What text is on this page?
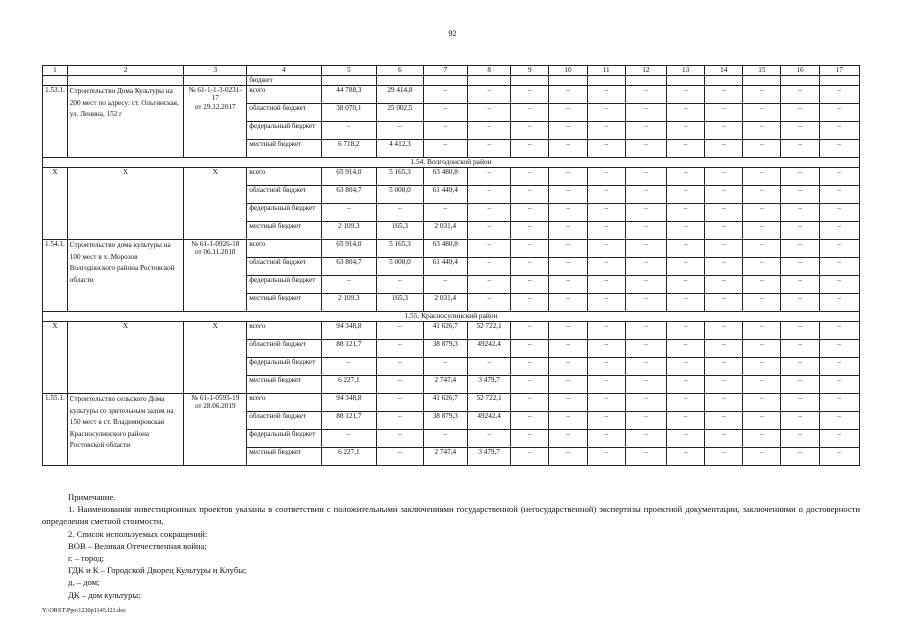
92
1	2	3	4	5	6	7	8	9	10	11	12	13	14	15	16	17
			бюджет													
1.53.1.	Строительство Дома Культуры на 200 мест по адресу: ст. Ольгинская, ул. Ленина, 152 г	№ 61-1-1-3-0231-17
от 29.12.2017	всего	44 788,3	29 414,8	–	–	–	–	–	–	–	–	–	–	–
			областной бюджет	38 070,1	25 002,5	–	–	–	–	–	–	–	–	–	–	–
			федеральный бюджет	–	–	–	–	–	–	–	–	–	–	–	–	–
			местный бюджет	6 718,2	4 412,3	–	–	–	–	–	–	–	–	–	–	–
1.54. Волгодонской район																
Х	Х	Х	всего	65 914,0	5 165,3	63 480,8	–	–	–	–	–	–	–	–	–	–
			областной бюджет	63 804,7	5 000,0	61 449,4	–	–	–	–	–	–	–	–	–	–
			федеральный бюджет	–	–	–	–	–	–	–	–	–	–	–	–	–
			местный бюджет	2 109,3	165,3	2 031,4	–	–	–	–	–	–	–	–	–	–
1.54.1.	Строительство дома культуры на 100 мест в х. Морозов Волгодонского района Ростовской области	№ 61-1-0926-18
от 06.11.2018	всего	65 914,0	5 165,3	63 480,8	–	–	–	–	–	–	–	–	–	–
			областной бюджет	63 804,7	5 000,0	61 449,4	–	–	–	–	–	–	–	–	–	–
			федеральный бюджет	–	–	–	–	–	–	–	–	–	–	–	–	–
			местный бюджет	2 109,3	165,3	2 031,4	–	–	–	–	–	–	–	–	–	–
1.55. Красносулинский район																
Х	Х	Х	всего	94 348,8	–	41 626,7	52 722,1	–	–	–	–	–	–	–	–	–
			областной бюджет	88 121,7	–	38 879,3	49242,4	–	–	–	–	–	–	–	–	–
			федеральный бюджет	–	–	–	–	–	–	–	–	–	–	–	–	–
			местный бюджет	6 227,1	–	2 747,4	3 479,7	–	–	–	–	–	–	–	–	–
1.55.1.	Строительство сельского Дома культуры со зрительным залом на 150 мест в ст. Владимировская Красносулинского района Ростовской области	№ 61-1-0593-19
от 28.06.2019	всего	94 348,8	–	41 626,7	52 722,1	–	–	–	–	–	–	–	–	–
			областной бюджет	88 121,7	–	38 879,3	49242,4	–	–	–	–	–	–	–	–	–
			федеральный бюджет	–	–	–	–	–	–	–	–	–	–	–	–	–
			местный бюджет	6 227,1	–	2 747,4	3 479,7	–	–	–	–	–	–	–	–	–

Примечание.

1. Наименования инвестиционных проектов указаны в соответствии с положительными заключениями государственной (негосударственной) экспертизы проектной документации, заключениями о достоверности определения сметной стоимости.

2. Список используемых сокращений:

ВОВ – Великая Отечественная война;

г. – город;

ГДК и К – Городской Дворец Культуры и Клубы;

д. – дом;

ДК – дом культуры;

Y:\ORST\Ppo\1230p1145.f21.doc
